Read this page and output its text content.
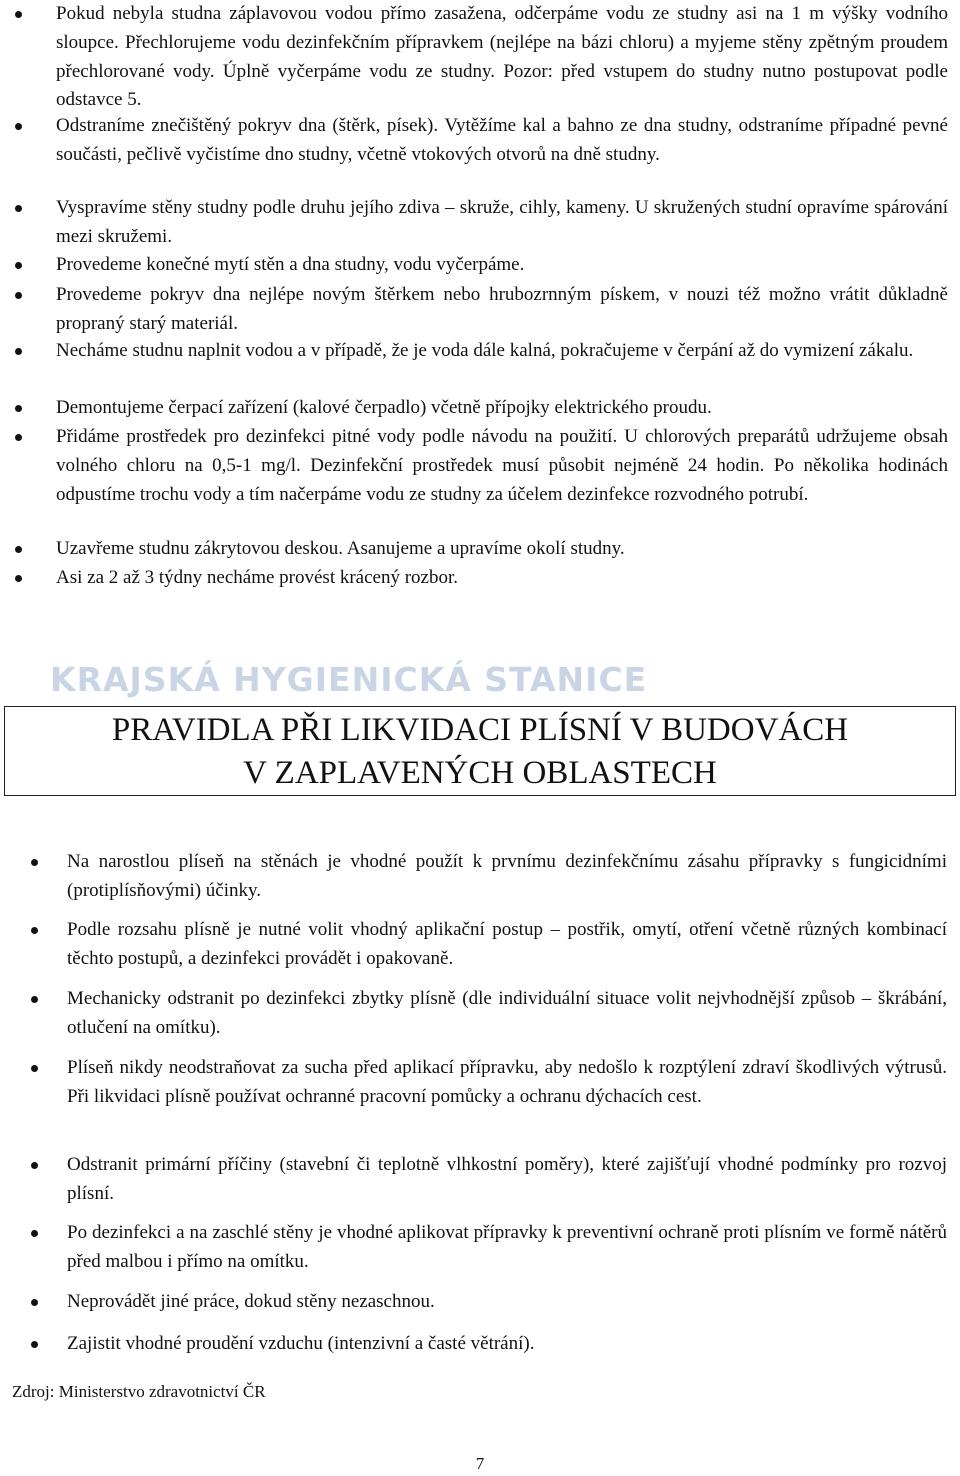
Pokud nebyla studna záplavovou vodou přímo zasažena, odčerpáme vodu ze studny asi na 1 m výšky vodního sloupce. Přechlorujeme vodu dezinfekčním přípravkem (nejlépe na bázi chloru) a myjeme stěny zpětným proudem přechlorované vody. Úplně vyčerpáme vodu ze studny. Pozor: před vstupem do studny nutno postupovat podle odstavce 5.
Odstraníme znečištěný pokryv dna (štěrk, písek). Vytěžíme kal a bahno ze dna studny, odstraníme případné pevné součásti, pečlivě vyčistíme dno studny, včetně vtokových otvorů na dně studny.
Vyspravíme stěny studny podle druhu jejího zdiva – skruže, cihly, kameny. U skružených studní opravíme spárování mezi skružemi.
Provedeme konečné mytí stěn a dna studny, vodu vyčerpáme.
Provedeme pokryv dna nejlépe novým štěrkem nebo hrubozrnným pískem, v nouzi též možno vrátit důkladně propraný starý materiál.
Necháme studnu naplnit vodou a v případě, že je voda dále kalná, pokračujeme v čerpání až do vymizení zákalu.
Demontujeme čerpací zařízení (kalové čerpadlo) včetně přípojky elektrického proudu.
Přidáme prostředek pro dezinfekci pitné vody podle návodu na použití. U chlorových preparátů udržujeme obsah volného chloru na 0,5-1 mg/l. Dezinfekční prostředek musí působit nejméně 24 hodin. Po několika hodinách odpustíme trochu vody a tím načerpáme vodu ze studny za účelem dezinfekce rozvodného potrubí.
Uzavřeme studnu zákrytovou deskou. Asanujeme a upravíme okolí studny.
Asi za 2 až 3 týdny necháme provést krácený rozbor.
KRAJSKÁ HYGIENICKÁ STANICE
PRAVIDLA PŘI LIKVIDACI PLÍSNÍ V BUDOVÁCH
V ZAPLAVENÝCH OBLASTECH
Na narostlou plíseň na stěnách je vhodné použít k prvnímu dezinfekčnímu zásahu přípravky s fungicidními (protiplísňovými) účinky.
Podle rozsahu plísně je nutné volit vhodný aplikační postup – postřik, omytí, otření včetně různých kombinací těchto postupů, a dezinfekci provádět i opakovaně.
Mechanicky odstranit po dezinfekci zbytky plísně (dle individuální situace volit nejvhodnější způsob – škrábání, otlučení na omítku).
Plíseň nikdy neodstraňovat za sucha před aplikací přípravku, aby nedošlo k rozptýlení zdraví škodlivých výtrusů. Při likvidaci plísně používat ochranné pracovní pomůcky a ochranu dýchacích cest.
Odstranit primární příčiny (stavební či teplotně vlhkostní poměry), které zajišťují vhodné podmínky pro rozvoj plísní.
Po dezinfekci a na zaschlé stěny je vhodné aplikovat přípravky k preventivní ochraně proti plísním ve formě nátěrů před malbou i přímo na omítku.
Neprovádět jiné práce, dokud stěny nezaschnou.
Zajistit vhodné proudění vzduchu (intenzivní a časté větrání).
Zdroj: Ministerstvo zdravotnictví ČR
7
